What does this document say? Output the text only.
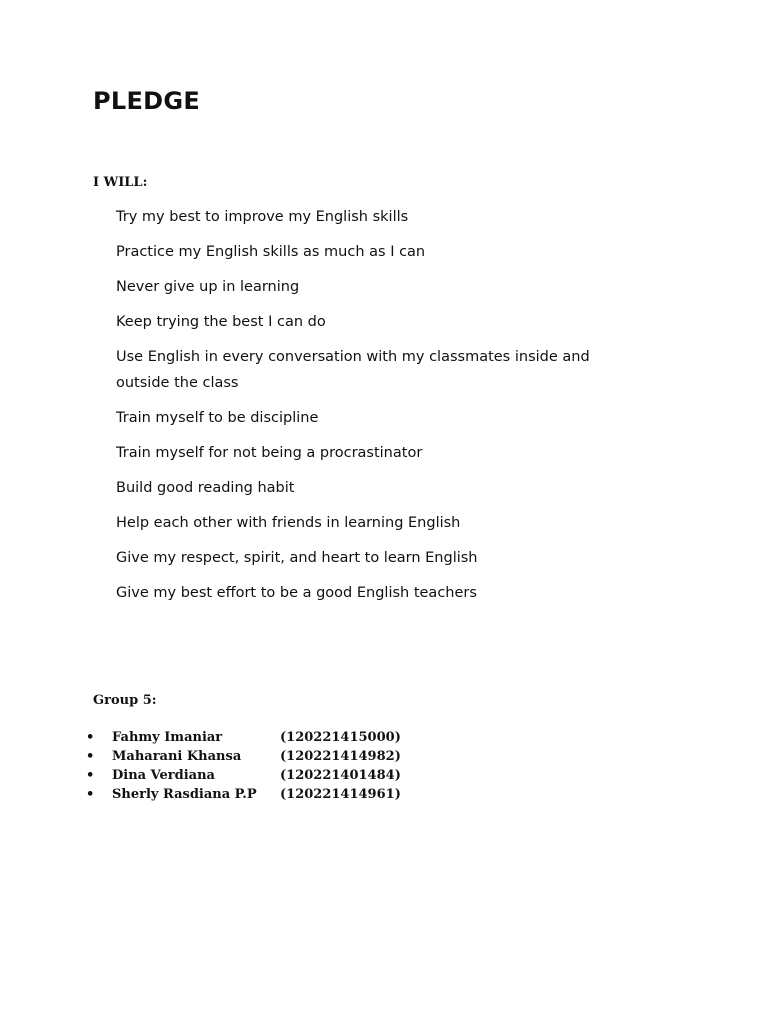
PLEDGE

I WILL:

Try my best to improve my English skills
Practice my English skills as much as I can
Never give up in learning
Keep trying the best I can do
Use English in every conversation with my classmates inside and outside the class
Train myself to be discipline
Train myself for not being a procrastinator
Build good reading habit
Help each other with friends in learning English
Give my respect, spirit, and heart to learn English
Give my best effort to be a good English teachers

Group 5:

•	Fahmy Imaniar	(120221415000)
•	Maharani Khansa	(120221414982)
•	Dina Verdiana	(120221401484)
•	Sherly Rasdiana P.P	(120221414961)
